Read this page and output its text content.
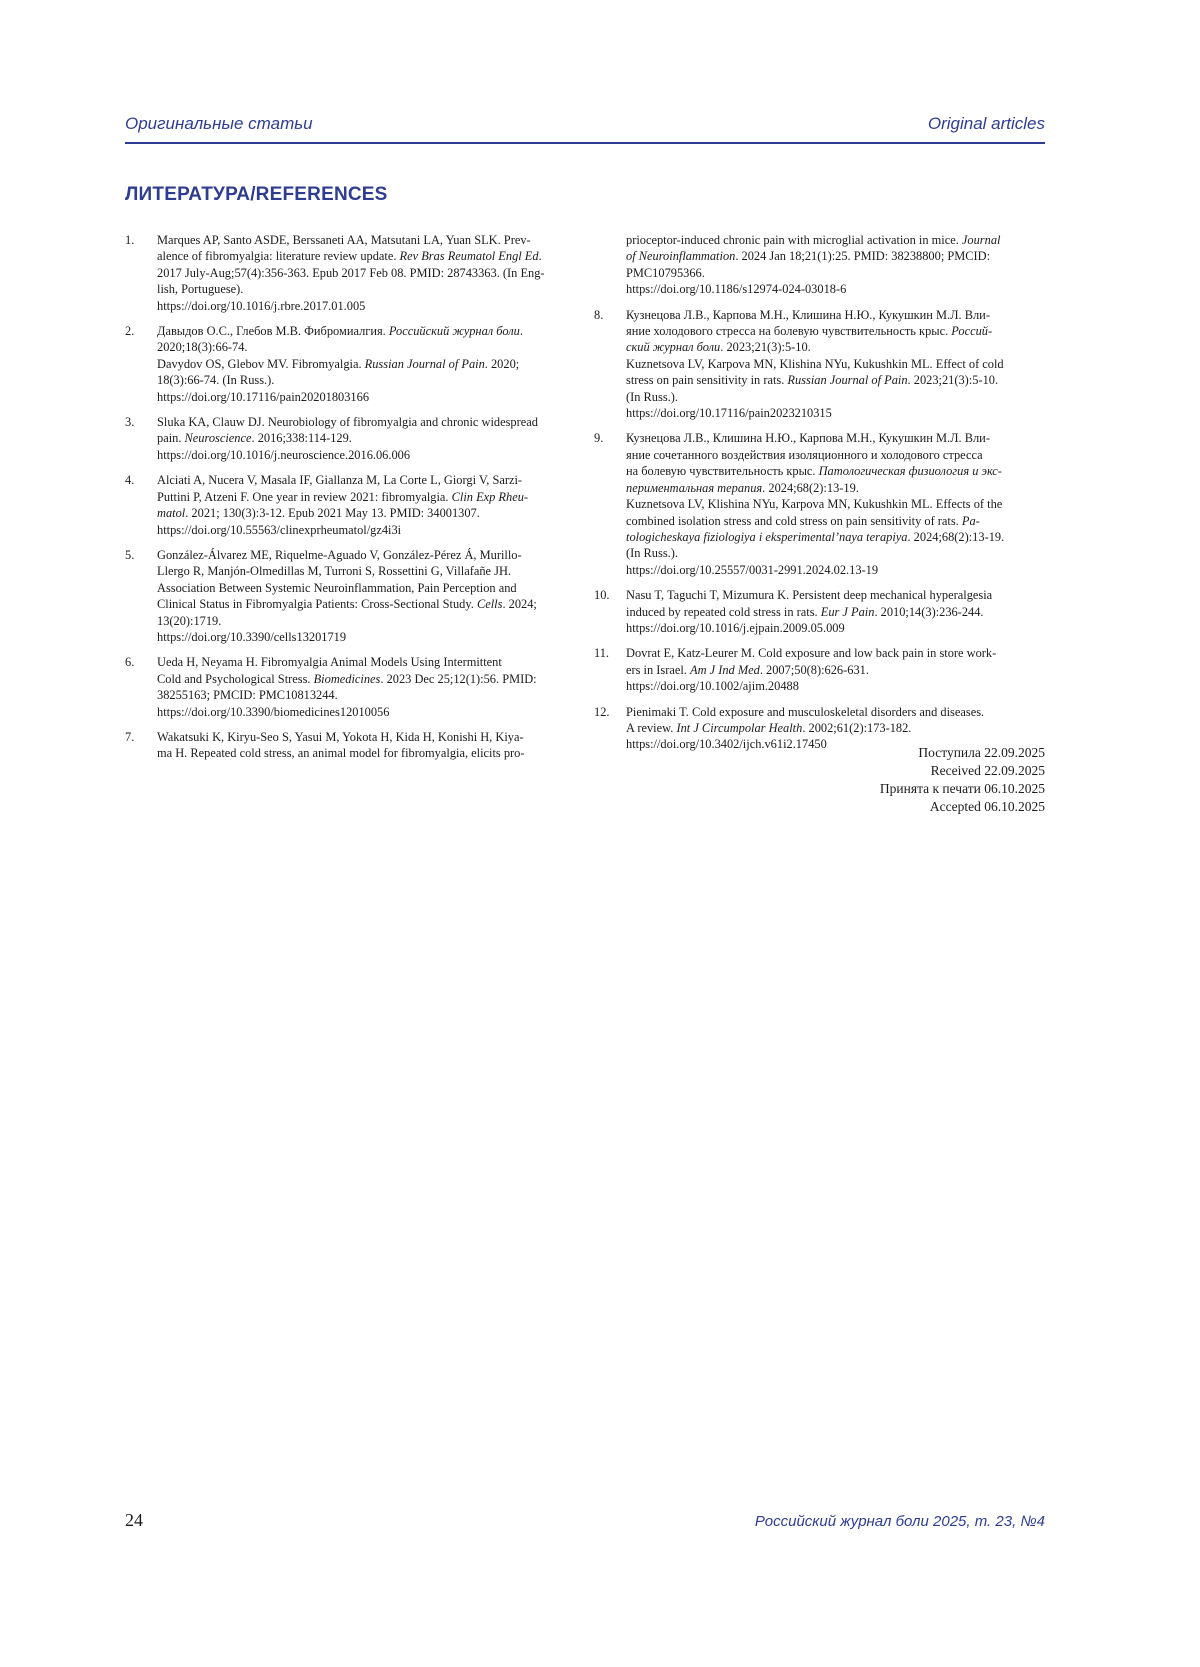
Оригинальные статьи	Original articles
ЛИТЕРАТУРА/REFERENCES
1. Marques AP, Santo ASDE, Berssaneti AA, Matsutani LA, Yuan SLK. Prev-
alence of fibromyalgia: literature review update. Rev Bras Reumatol Engl Ed.
2017 July-Aug;57(4):356-363. Epub 2017 Feb 08. PMID: 28743363. (In Eng-
lish, Portuguese).
https://doi.org/10.1016/j.rbre.2017.01.005
2. Давыдов О.С., Глебов М.В. Фибромиалгия. Российский журнал боли.
2020;18(3):66-74.
Davydov OS, Glebov MV. Fibromyalgia. Russian Journal of Pain. 2020;
18(3):66-74. (In Russ.).
https://doi.org/10.17116/pain20201803166
3. Sluka KA, Clauw DJ. Neurobiology of fibromyalgia and chronic widespread
pain. Neuroscience. 2016;338:114-129.
https://doi.org/10.1016/j.neuroscience.2016.06.006
4. Alciati A, Nucera V, Masala IF, Giallanza M, La Corte L, Giorgi V, Sarzi-
Puttini P, Atzeni F. One year in review 2021: fibromyalgia. Clin Exp Rheu-
matol. 2021; 130(3):3-12. Epub 2021 May 13. PMID: 34001307.
https://doi.org/10.55563/clinexprheumatol/gz4i3i
5. González-Álvarez ME, Riquelme-Aguado V, González-Pérez Á, Murillo-
Llergo R, Manjón-Olmedillas M, Turroni S, Rossettini G, Villafañe JH.
Association Between Systemic Neuroinflammation, Pain Perception and
Clinical Status in Fibromyalgia Patients: Cross-Sectional Study. Cells. 2024;
13(20):1719.
https://doi.org/10.3390/cells13201719
6. Ueda H, Neyama H. Fibromyalgia Animal Models Using Intermittent
Cold and Psychological Stress. Biomedicines. 2023 Dec 25;12(1):56. PMID:
38255163; PMCID: PMC10813244.
https://doi.org/10.3390/biomedicines12010056
7. Wakatsuki K, Kiryu-Seo S, Yasui M, Yokota H, Kida H, Konishi H, Kiya-
ma H. Repeated cold stress, an animal model for fibromyalgia, elicits pro-
prioceptor-induced chronic pain with microglial activation in mice. Journal
of Neuroinflammation. 2024 Jan 18;21(1):25. PMID: 38238800; PMCID:
PMC10795366.
https://doi.org/10.1186/s12974-024-03018-6
8. Кузнецова Л.В., Карпова М.Н., Клишина Н.Ю., Кукушкин М.Л. Вли-
яние холодового стресса на болевую чувствительность крыс. Россий-
ский журнал боли. 2023;21(3):5-10.
Kuznetsova LV, Karpova MN, Klishina NYu, Kukushkin ML. Effect of cold
stress on pain sensitivity in rats. Russian Journal of Pain. 2023;21(3):5-10.
(In Russ.).
https://doi.org/10.17116/pain2023210315
9. Кузнецова Л.В., Клишина Н.Ю., Карпова М.Н., Кукушкин М.Л. Вли-
яние сочетанного воздействия изоляционного и холодового стресса
на болевую чувствительность крыс. Патологическая физиология и экс-
периментальная терапия. 2024;68(2):13-19.
Kuznetsova LV, Klishina NYu, Karpova MN, Kukushkin ML. Effects of the
combined isolation stress and cold stress on pain sensitivity of rats. Pa-
tologicheskaya fiziologiya i eksperimental’naya terapiya. 2024;68(2):13-19.
(In Russ.).
https://doi.org/10.25557/0031-2991.2024.02.13-19
10. Nasu T, Taguchi T, Mizumura K. Persistent deep mechanical hyperalgesia
induced by repeated cold stress in rats. Eur J Pain. 2010;14(3):236-244.
https://doi.org/10.1016/j.ejpain.2009.05.009
11. Dovrat E, Katz-Leurer M. Cold exposure and low back pain in store work-
ers in Israel. Am J Ind Med. 2007;50(8):626-631.
https://doi.org/10.1002/ajim.20488
12. Pienimaki T. Cold exposure and musculoskeletal disorders and diseases.
A review. Int J Circumpolar Health. 2002;61(2):173-182.
https://doi.org/10.3402/ijch.v61i2.17450
Поступила 22.09.2025
Received 22.09.2025
Принята к печати 06.10.2025
Accepted 06.10.2025
24	Российский журнал боли 2025, т. 23, №4
